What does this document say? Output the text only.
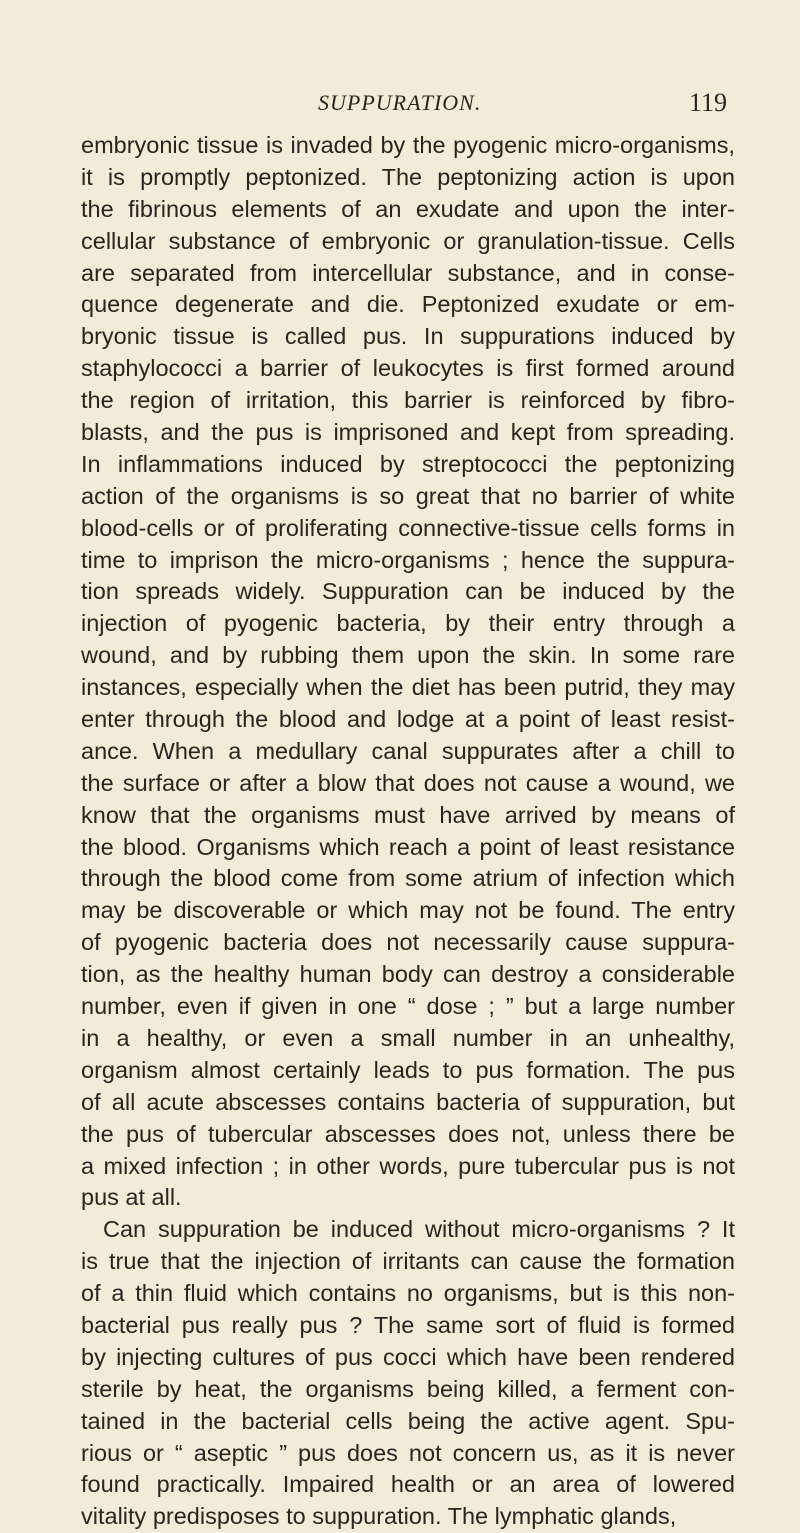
SUPPURATION.	119
embryonic tissue is invaded by the pyogenic micro-organisms,
it is promptly peptonized. The peptonizing action is upon
the fibrinous elements of an exudate and upon the inter-
cellular substance of embryonic or granulation-tissue. Cells
are separated from intercellular substance, and in conse-
quence degenerate and die. Peptonized exudate or em-
bryonic tissue is called pus. In suppurations induced by
staphylococci a barrier of leukocytes is first formed around
the region of irritation, this barrier is reinforced by fibro-
blasts, and the pus is imprisoned and kept from spreading.
In inflammations induced by streptococci the peptonizing
action of the organisms is so great that no barrier of white
blood-cells or of proliferating connective-tissue cells forms in
time to imprison the micro-organisms ; hence the suppura-
tion spreads widely. Suppuration can be induced by the
injection of pyogenic bacteria, by their entry through a
wound, and by rubbing them upon the skin. In some rare
instances, especially when the diet has been putrid, they may
enter through the blood and lodge at a point of least resist-
ance. When a medullary canal suppurates after a chill to
the surface or after a blow that does not cause a wound, we
know that the organisms must have arrived by means of
the blood. Organisms which reach a point of least resistance
through the blood come from some atrium of infection which
may be discoverable or which may not be found. The entry
of pyogenic bacteria does not necessarily cause suppura-
tion, as the healthy human body can destroy a considerable
number, even if given in one “ dose ; ” but a large number
in a healthy, or even a small number in an unhealthy,
organism almost certainly leads to pus formation. The pus
of all acute abscesses contains bacteria of suppuration, but
the pus of tubercular abscesses does not, unless there be
a mixed infection ; in other words, pure tubercular pus is not
pus at all.
Can suppuration be induced without micro-organisms ? It
is true that the injection of irritants can cause the formation
of a thin fluid which contains no organisms, but is this non-
bacterial pus really pus ? The same sort of fluid is formed
by injecting cultures of pus cocci which have been rendered
sterile by heat, the organisms being killed, a ferment con-
tained in the bacterial cells being the active agent. Spu-
rious or “ aseptic ” pus does not concern us, as it is never
found practically. Impaired health or an area of lowered
vitality predisposes to suppuration. The lymphatic glands,
